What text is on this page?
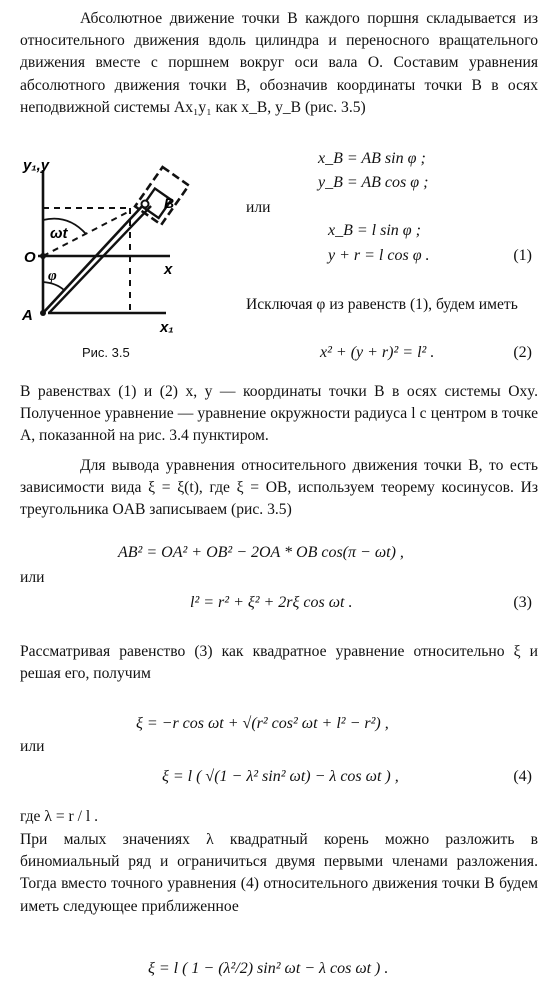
Абсолютное движение точки B каждого поршня складывается из относительного движения вдоль цилиндра и переносного вращательного движения вместе с поршнем вокруг оси вала O. Составим уравнения абсолютного движения точки B, обозначив координаты точки B в осях неподвижной системы Ax₁y₁ как x_B, y_B (рис. 3.5)

y₁,y
ωt
B
O
φ	x
A
x₁
Рис. 3.5
x_B = AB sin φ ;
y_B = AB cos φ ;
или
x_B = l sin φ ;
y + r = l cos φ .	(1)

Исключая φ из равенств (1), будем иметь

x² + (y + r)² = l² .	(2)

В равенствах (1) и (2) x, y — координаты точки B в осях системы Oxy. Полученное уравнение — уравнение окружности радиуса l с центром в точке A, показанной на рис. 3.4 пунктиром.

Для вывода уравнения относительного движения точки B, то есть зависимости вида ξ = ξ(t), где ξ = OB, используем теорему косинусов. Из треугольника OAB записываем (рис. 3.5)

AB² = OA² + OB² − 2OA * OB cos(π − ωt) ,
или
l² = r² + ξ² + 2rξ cos ωt .	(3)

Рассматривая равенство (3) как квадратное уравнение относительно ξ и решая его, получим

ξ = −r cos ωt + √(r² cos² ωt + l² − r²) ,
или
ξ = l ( √(1 − λ² sin² ωt) − λ cos ωt ) ,	(4)

где λ = r / l .

При малых значениях λ квадратный корень можно разложить в биномиальный ряд и ограничиться двумя первыми членами разложения. Тогда вместо точного уравнения (4) относительного движения точки B будем иметь следующее приближенное

ξ = l ( 1 − (λ²/2) sin² ωt − λ cos ωt ) .
